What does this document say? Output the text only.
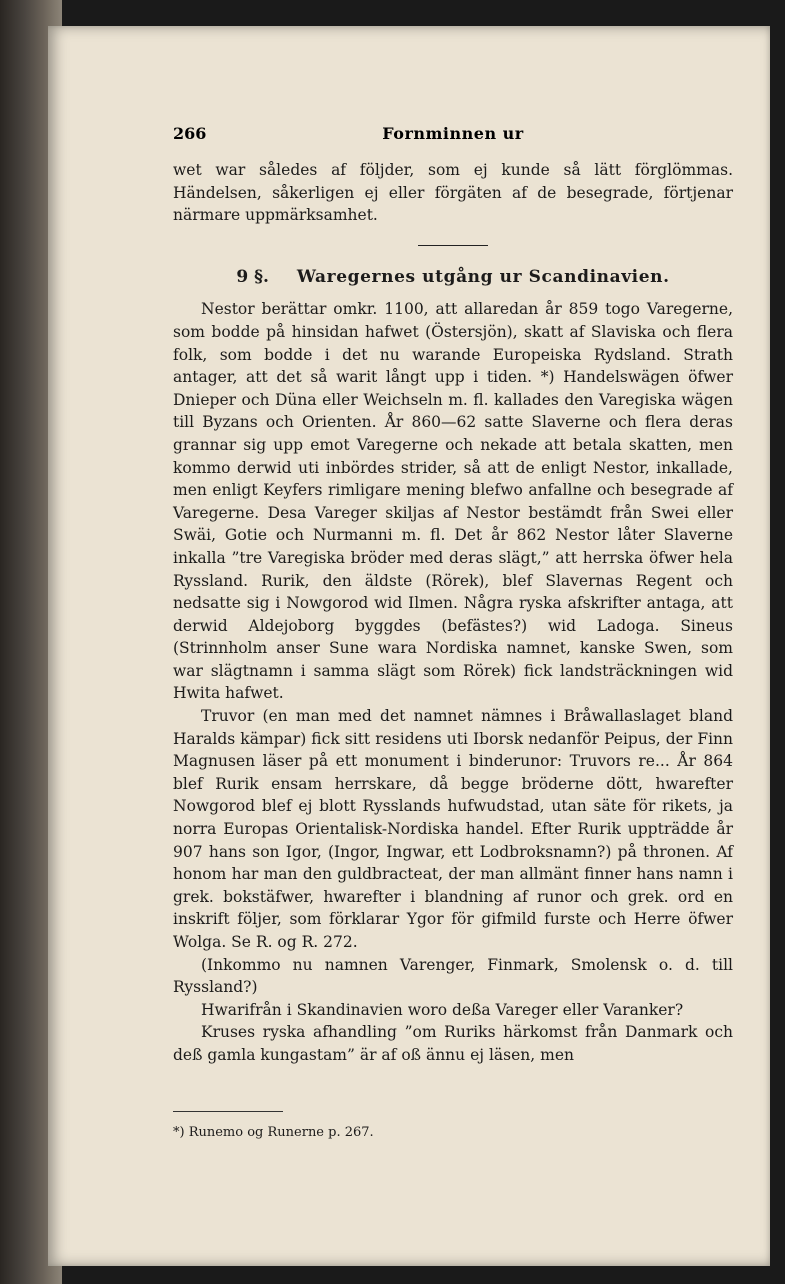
266	Fornminnen ur

wet war således af följder, som ej kunde så lätt förglömmas. Händelsen, såkerligen ej eller förgäten af de besegrade, förtjenar närmare uppmärksamhet.

9 §. Waregernes utgång ur Scandinavien.

Nestor berättar omkr. 1100, att allaredan år 859 togo Varegerne, som bodde på hinsidan hafwet (Östersjön), skatt af Slaviska och flera folk, som bodde i det nu warande Europeiska Rydsland. Strath antager, att det så warit långt upp i tiden. *) Handelswägen öfwer Dnieper och Düna eller Weichseln m. fl. kallades den Varegiska wägen till Byzans och Orienten. År 860—62 satte Slaverne och flera deras grannar sig upp emot Varegerne och nekade att betala skatten, men kommo derwid uti inbördes strider, så att de enligt Nestor, inkallade, men enligt Keyfers rimligare mening blefwo anfallne och besegrade af Varegerne. Desa Vareger skiljas af Nestor bestämdt från Swei eller Swäi, Gotie och Nurmanni m. fl. Det år 862 Nestor låter Slaverne inkalla ”tre Varegiska bröder med deras slägt,” att herrska öfwer hela Ryssland. Rurik, den äldste (Rörek), blef Slavernas Regent och nedsatte sig i Nowgorod wid Ilmen. Några ryska afskrifter antaga, att derwid Aldejoborg byggdes (befästes?) wid Ladoga. Sineus (Strinnholm anser Sune wara Nordiska namnet, kanske Swen, som war slägtnamn i samma slägt som Rörek) fick landsträckningen wid Hwita hafwet.

Truvor (en man med det namnet nämnes i Bråwallaslaget bland Haralds kämpar) fick sitt residens uti Iborsk nedanför Peipus, der Finn Magnusen läser på ett monument i binderunor: Truvors re... År 864 blef Rurik ensam herrskare, då begge bröderne dött, hwarefter Nowgorod blef ej blott Rysslands hufwudstad, utan säte för rikets, ja norra Europas Orientalisk-Nordiska handel. Efter Rurik uppträdde år 907 hans son Igor, (Ingor, Ingwar, ett Lodbroksnamn?) på thronen. Af honom har man den guldbracteat, der man allmänt finner hans namn i grek. bokstäfwer, hwarefter i blandning af runor och grek. ord en inskrift följer, som förklarar Ygor för gifmild furste och Herre öfwer Wolga. Se R. og R. 272.

(Inkommo nu namnen Varenger, Finmark, Smolensk o. d. till Ryssland?)

Hwarifrån i Skandinavien woro deßa Vareger eller Varanker?

Kruses ryska afhandling ”om Ruriks härkomst från Danmark och deß gamla kungastam” är af oß ännu ej läsen, men

*) Runemo og Runerne p. 267.
